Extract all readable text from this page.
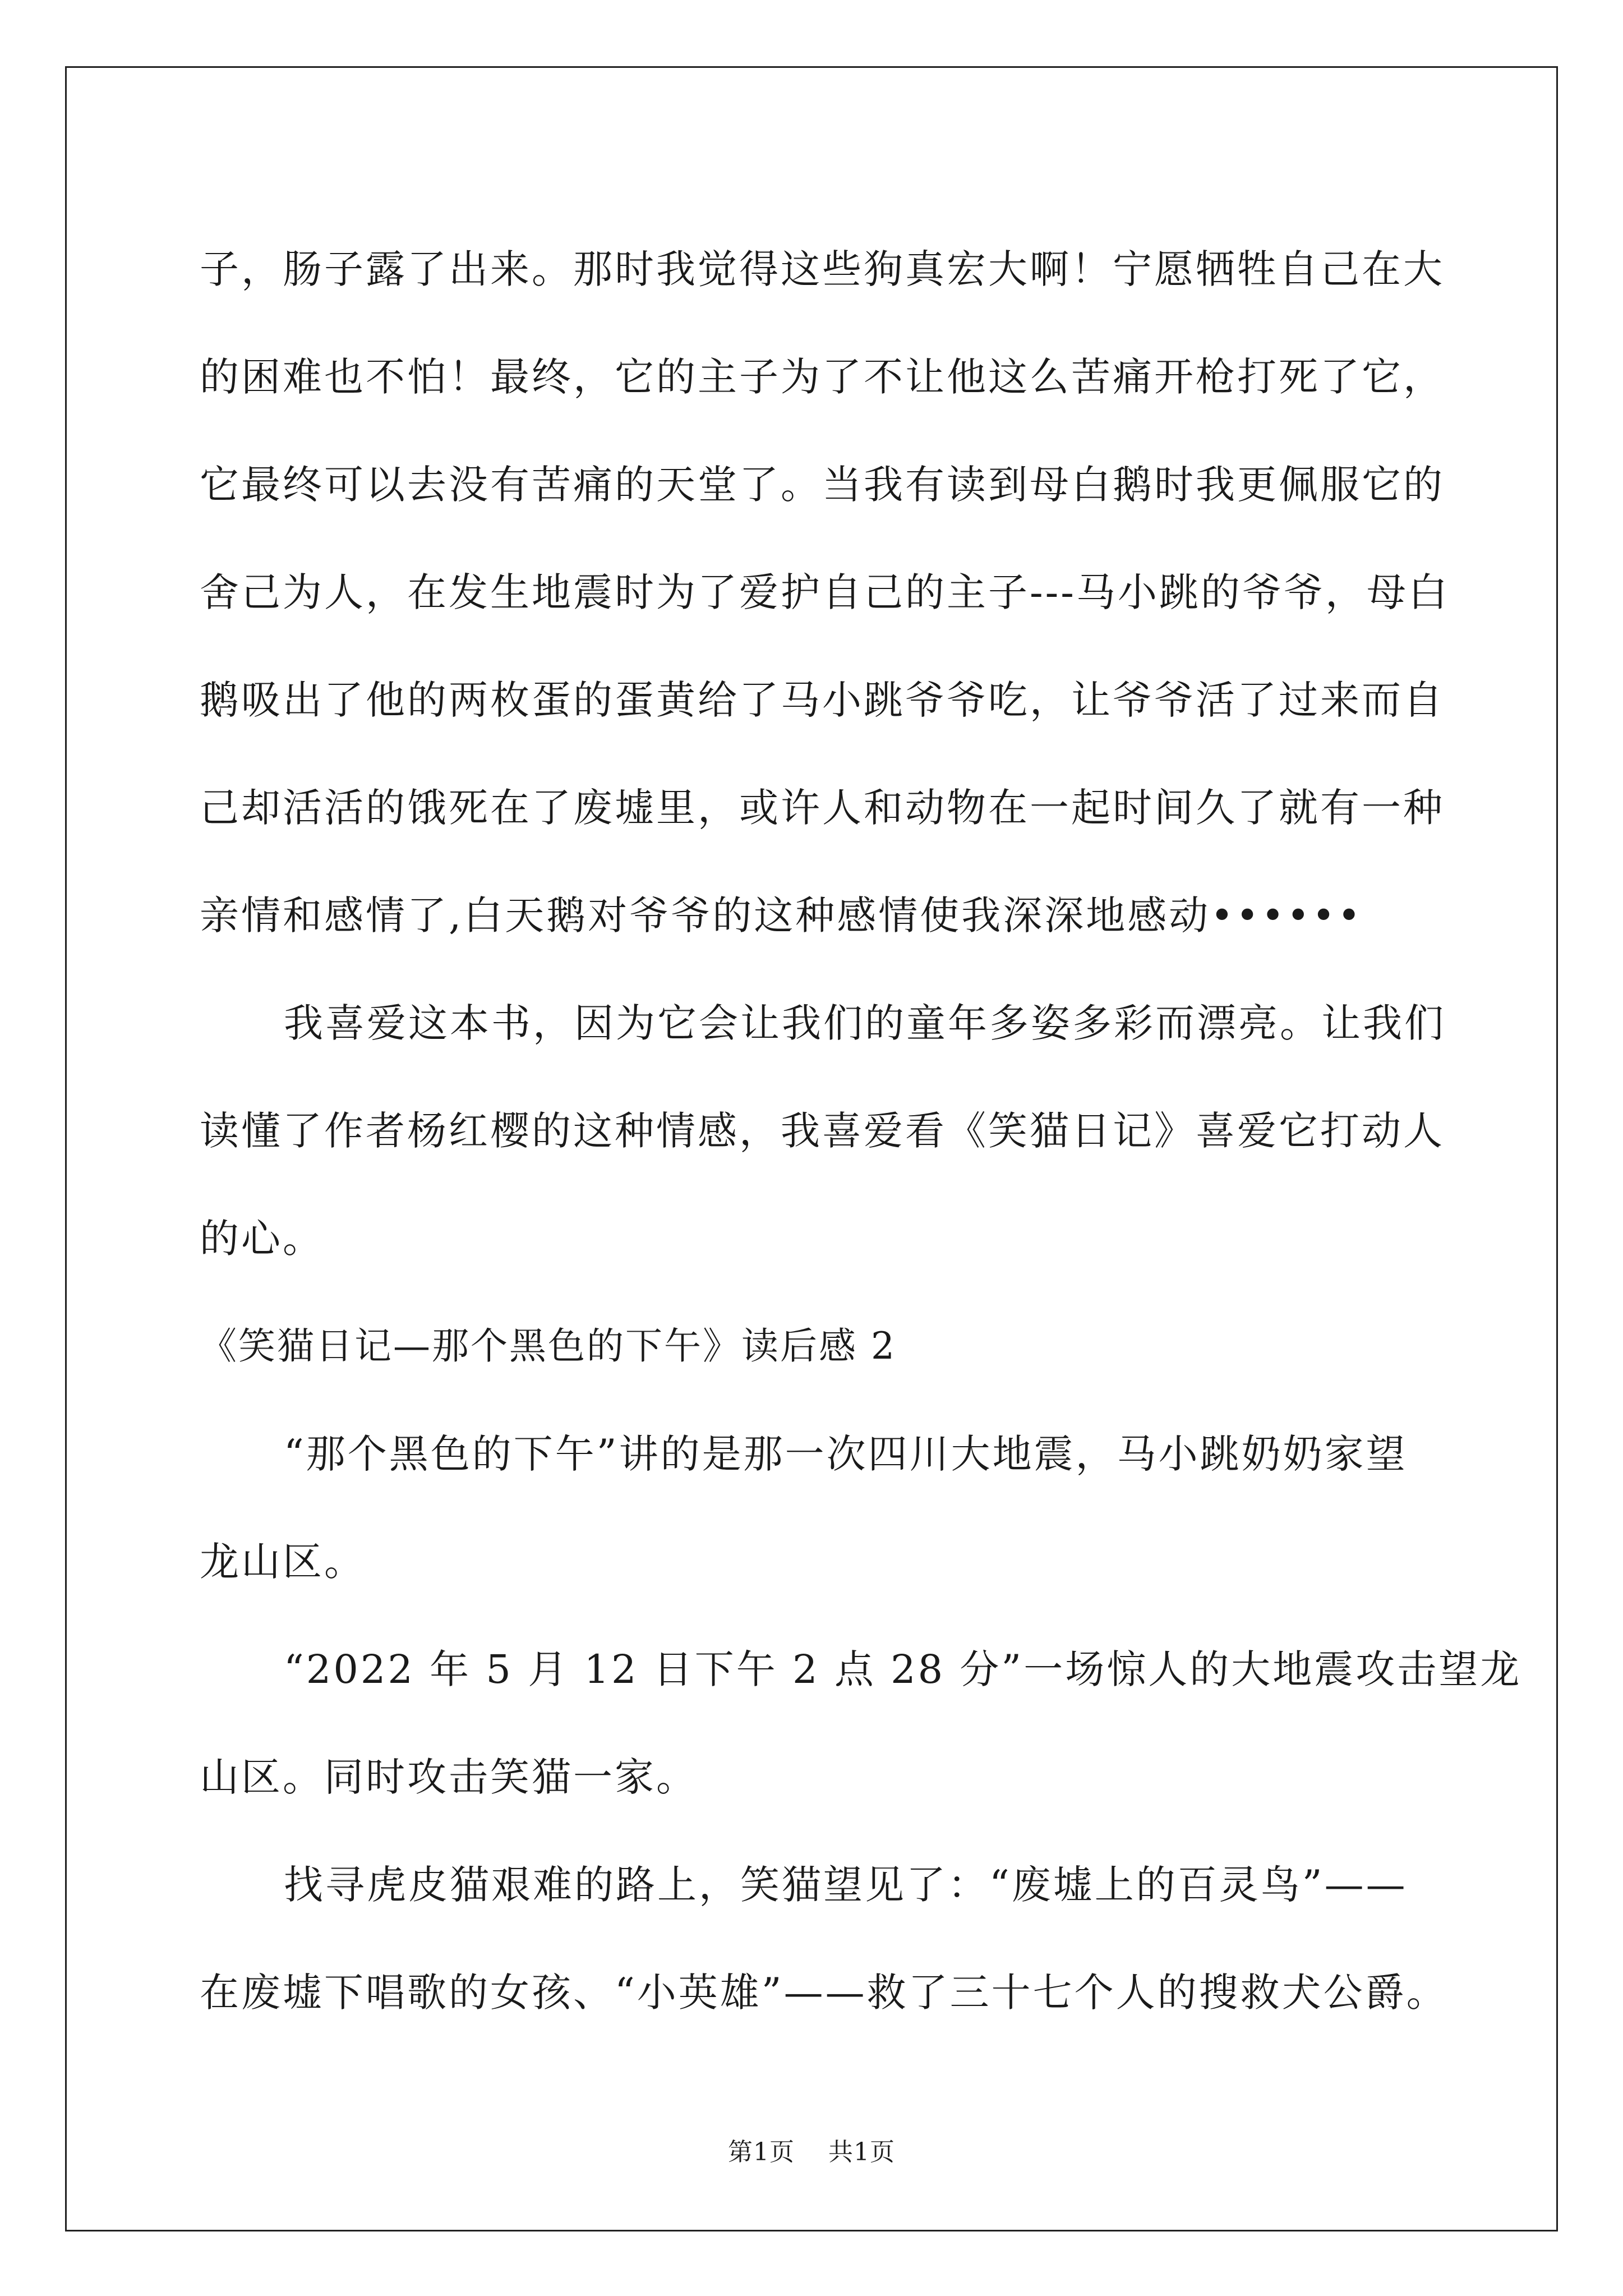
子，肠子露了出来。那时我觉得这些狗真宏大啊！宁愿牺牲自己在大
的困难也不怕！最终，它的主子为了不让他这么苦痛开枪打死了它，
它最终可以去没有苦痛的天堂了。当我有读到母白鹅时我更佩服它的
舍己为人，在发生地震时为了爱护自己的主子---马小跳的爷爷，母白
鹅吸出了他的两枚蛋的蛋黄给了马小跳爷爷吃，让爷爷活了过来而自
己却活活的饿死在了废墟里，或许人和动物在一起时间久了就有一种
亲情和感情了,白天鹅对爷爷的这种感情使我深深地感动••••••
我喜爱这本书，因为它会让我们的童年多姿多彩而漂亮。让我们
读懂了作者杨红樱的这种情感，我喜爱看《笑猫日记》喜爱它打动人
的心。
《笑猫日记—那个黑色的下午》读后感 2
“那个黑色的下午”讲的是那一次四川大地震，马小跳奶奶家望
龙山区。
“2022 年 5 月 12 日下午 2 点 28 分”一场惊人的大地震攻击望龙
山区。同时攻击笑猫一家。
找寻虎皮猫艰难的路上，笑猫望见了：“废墟上的百灵鸟”——
在废墟下唱歌的女孩、“小英雄”——救了三十七个人的搜救犬公爵。
第1页 共1页
